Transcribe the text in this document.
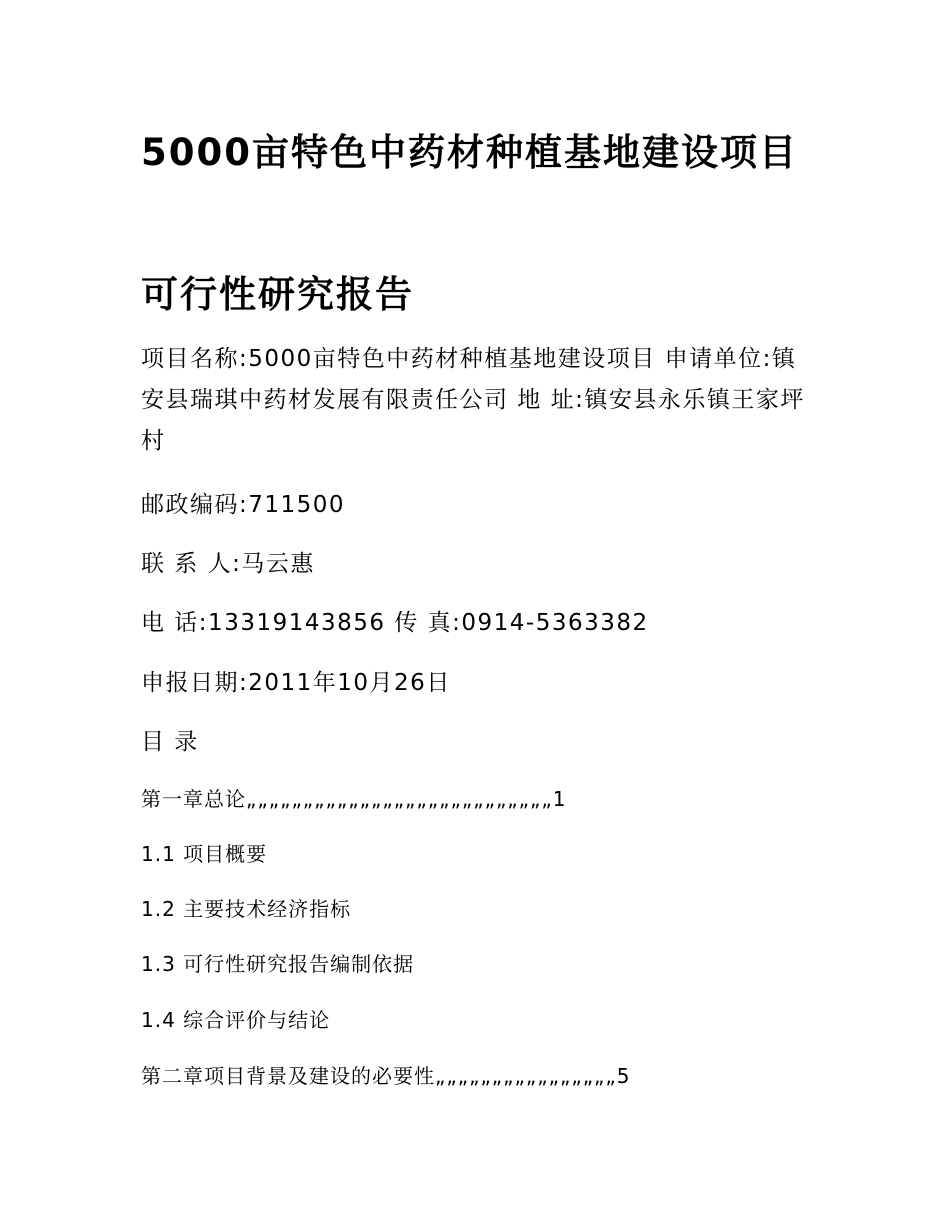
5000亩特色中药材种植基地建设项目
可行性研究报告

项目名称:5000亩特色中药材种植基地建设项目 申请单位:镇安县瑞琪中药材发展有限责任公司 地 址:镇安县永乐镇王家坪村

邮政编码:711500

联 系 人:马云惠

电 话:13319143856 传 真:0914-5363382

申报日期:2011年10月26日

目 录

第一章总论„„„„„„„„„„„„„„„„„„„„„„„„„„„1
1.1 项目概要
1.2 主要技术经济指标
1.3 可行性研究报告编制依据
1.4 综合评价与结论
第二章项目背景及建设的必要性„„„„„„„„„„„„„„„„5
